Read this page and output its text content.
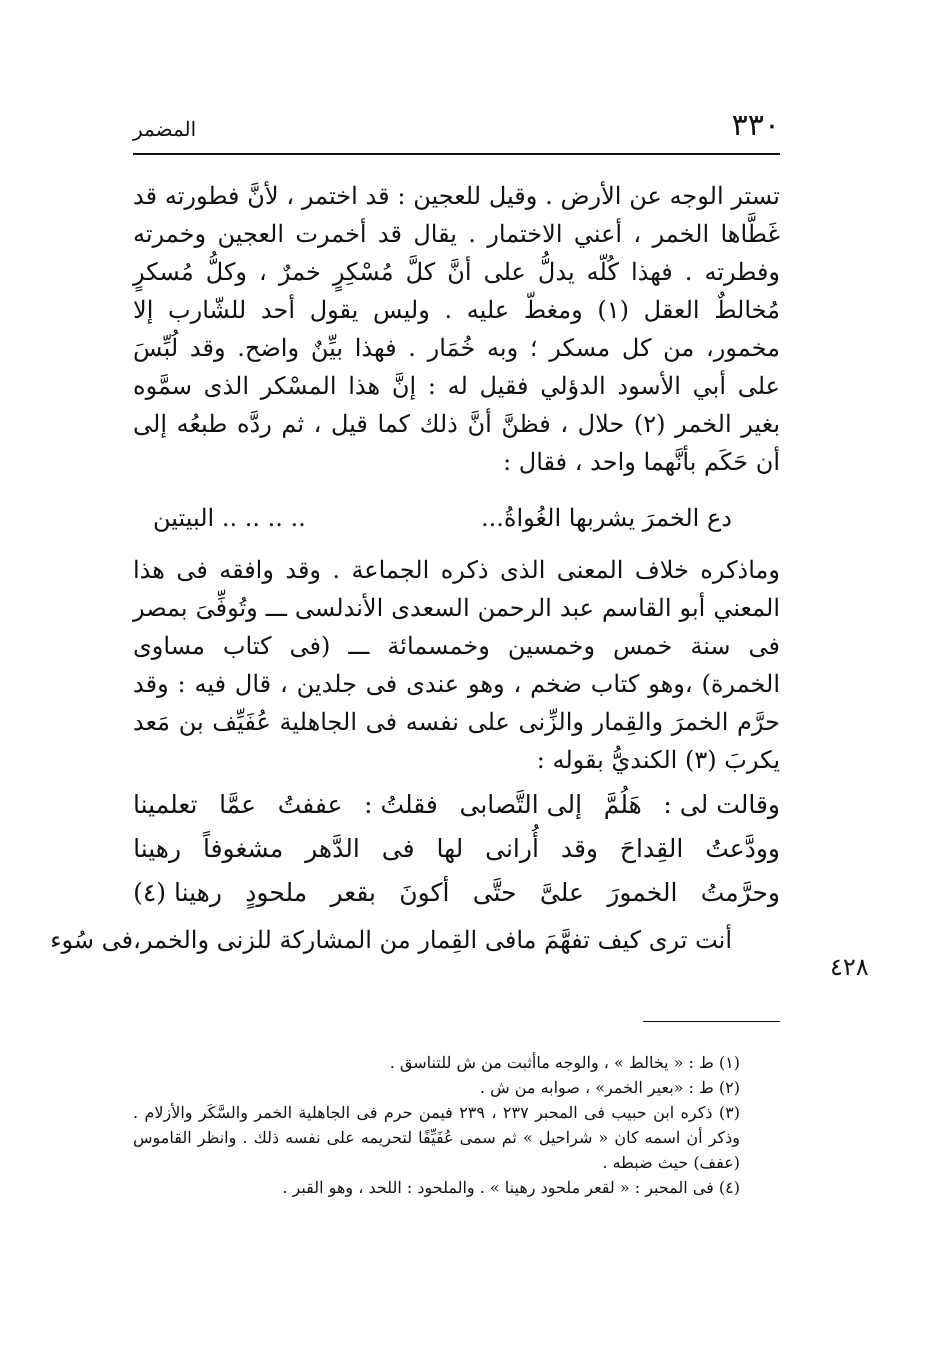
٣٣٠
المضمر

تستر الوجه عن الأرض . وقيل للعجين : قد اختمر ، لأنَّ فطورته قد غَطَّاها الخمر ، أعني الاختمار . يقال قد أخمرت العجين وخمرته وفطرته . فهذا كُلّه يدلُّ على أنَّ كلَّ مُسْكِرٍ خمرٌ ، وكلُّ مُسكرٍ مُخالطٌ العقل (١) ومغطّ عليه . وليس يقول أحد للشّارب إلا مخمور، من كل مسكر ؛ وبه خُمَار . فهذا بيِّنٌ واضح. وقد لُبِّسَ على أبي الأسود الدؤلي فقيل له : إنَّ هذا المسْكر الذى سمَّوه بغير الخمر (٢) حلال ، فظنَّ أنَّ ذلك كما قيل ، ثم ردَّه طبعُه إلى أن حَكَم بأنَّهما واحد ، فقال :

دع الخمرَ يشربها الغُواةُ...
.. .. .. .. البيتين

وماذكره خلاف المعنى الذى ذكره الجماعة . وقد وافقه فى هذا المعني أبو القاسم عبد الرحمن السعدى الأندلسى ـــ وتُوفِّىَ بمصر فى سنة خمس وخمسين وخمسمائة ـــ (فى كتاب مساوى الخمرة) ،وهو كتاب ضخم ، وهو عندى فى جلدين ، قال فيه : وقد حرَّم الخمرَ والقِمار والزِّنى على نفسه فى الجاهلية عُفَيِّف بن مَعد يكربَ (٣) الكنديُّ بقوله :

وقالت لى :
هَلُمَّ
إلى التَّصابى
فقلتُ :
عففتُ
عمَّا
تعلمينا
وودَّعتُ
القِداحَ
وقد
أُرانى
لها
فى
الدَّهر
مشغوفاً
رهينا
وحرَّمتُ
الخمورَ
علىَّ
حتَّى
أكونَ
بقعر
ملحودٍ
رهينا (٤)
أنت ترى كيف تفهَّمَ مافى القِمار من المشاركة للزنى والخمر،فى سُوء
٤٢٨

(١) ط : « يخالط » ، والوجه ماأثبت من ش للتناسق .

(٢) ط : «بعير الخمر» ، صوابه من ش .

(٣) ذكره ابن حبيب فى المحبر ٢٣٧ ، ٢٣٩ فيمن حرم فى الجاهلية الخمر والسَّكَر والأزلام . وذكر أن اسمه كان « شراحيل » ثم سمى عُفَيِّفًا لتحريمه على نفسه ذلك . وانظر القاموس (عفف) حيث ضبطه .

(٤) فى المحبر : « لقعر ملحود رهينا » . والملحود : اللحد ، وهو القبر .
